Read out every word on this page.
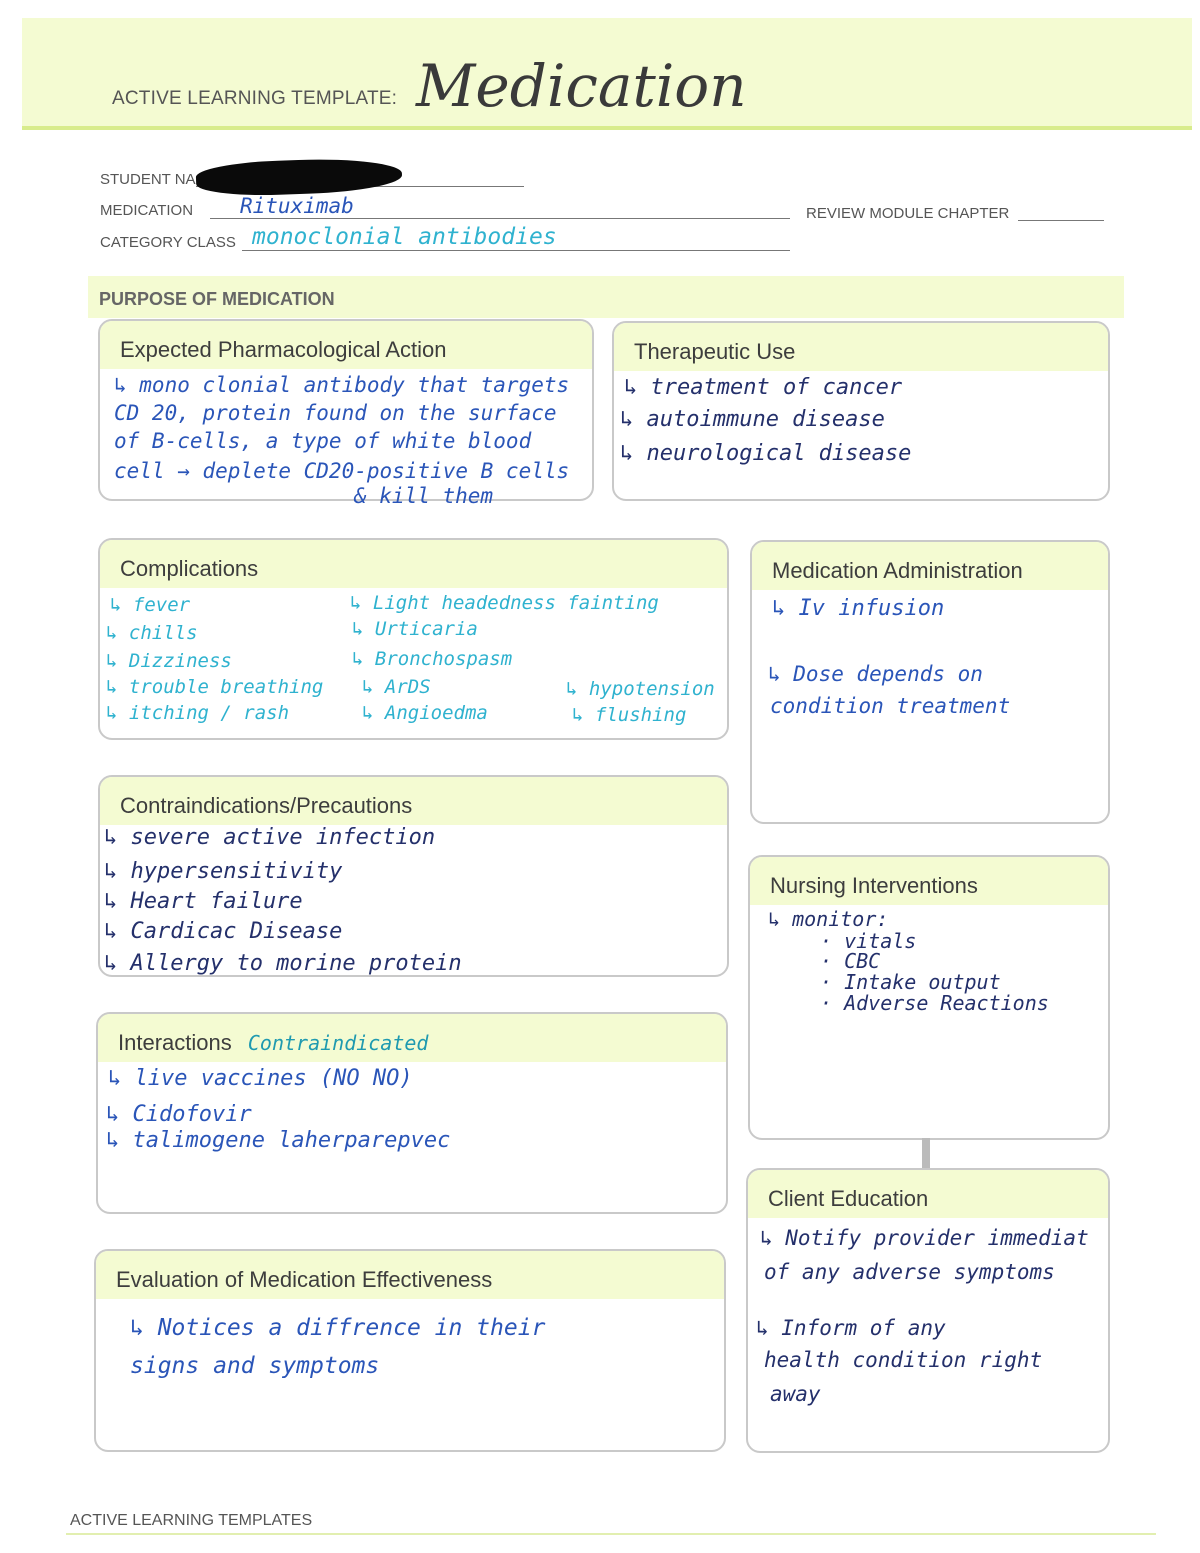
ACTIVE LEARNING TEMPLATE: Medication
STUDENT NA
MEDICATION Rituximab	REVIEW MODULE CHAPTER
CATEGORY CLASS monoclonial antibodies
PURPOSE OF MEDICATION
Expected Pharmacological Action
↳ mono clonial antibody that targets
CD 20, protein found on the surface
of B-cells, a type of white blood
cell → deplete CD20-positive B cells
& kill them
Therapeutic Use
↳ treatment of cancer
↳ autoimmune disease
↳ neurological disease
Complications
↳ fever
↳ chills
↳ Dizziness
↳ trouble breathing
↳ itching / rash
↳ Light headedness fainting
↳ Urticaria
↳ Bronchospasm
↳ ArDS
↳ Angioedma
↳ hypotension
↳ flushing
Medication Administration
↳ Iv infusion
↳ Dose depends on
condition treatment
Contraindications/Precautions
↳ severe active infection
↳ hypersensitivity
↳ Heart failure
↳ Cardicac Disease
↳ Allergy to morine protein
Nursing Interventions
↳ monitor:
· vitals
· CBC
· Intake output
· Adverse Reactions
Interactions Contraindicated
↳ live vaccines (NO NO)
↳ Cidofovir
↳ talimogene laherparepvec
Client Education
↳ Notify provider immediat
of any adverse symptoms
↳ Inform of any
health condition right
away
Evaluation of Medication Effectiveness
↳ Notices a diffrence in their
signs and symptoms
ACTIVE LEARNING TEMPLATES
